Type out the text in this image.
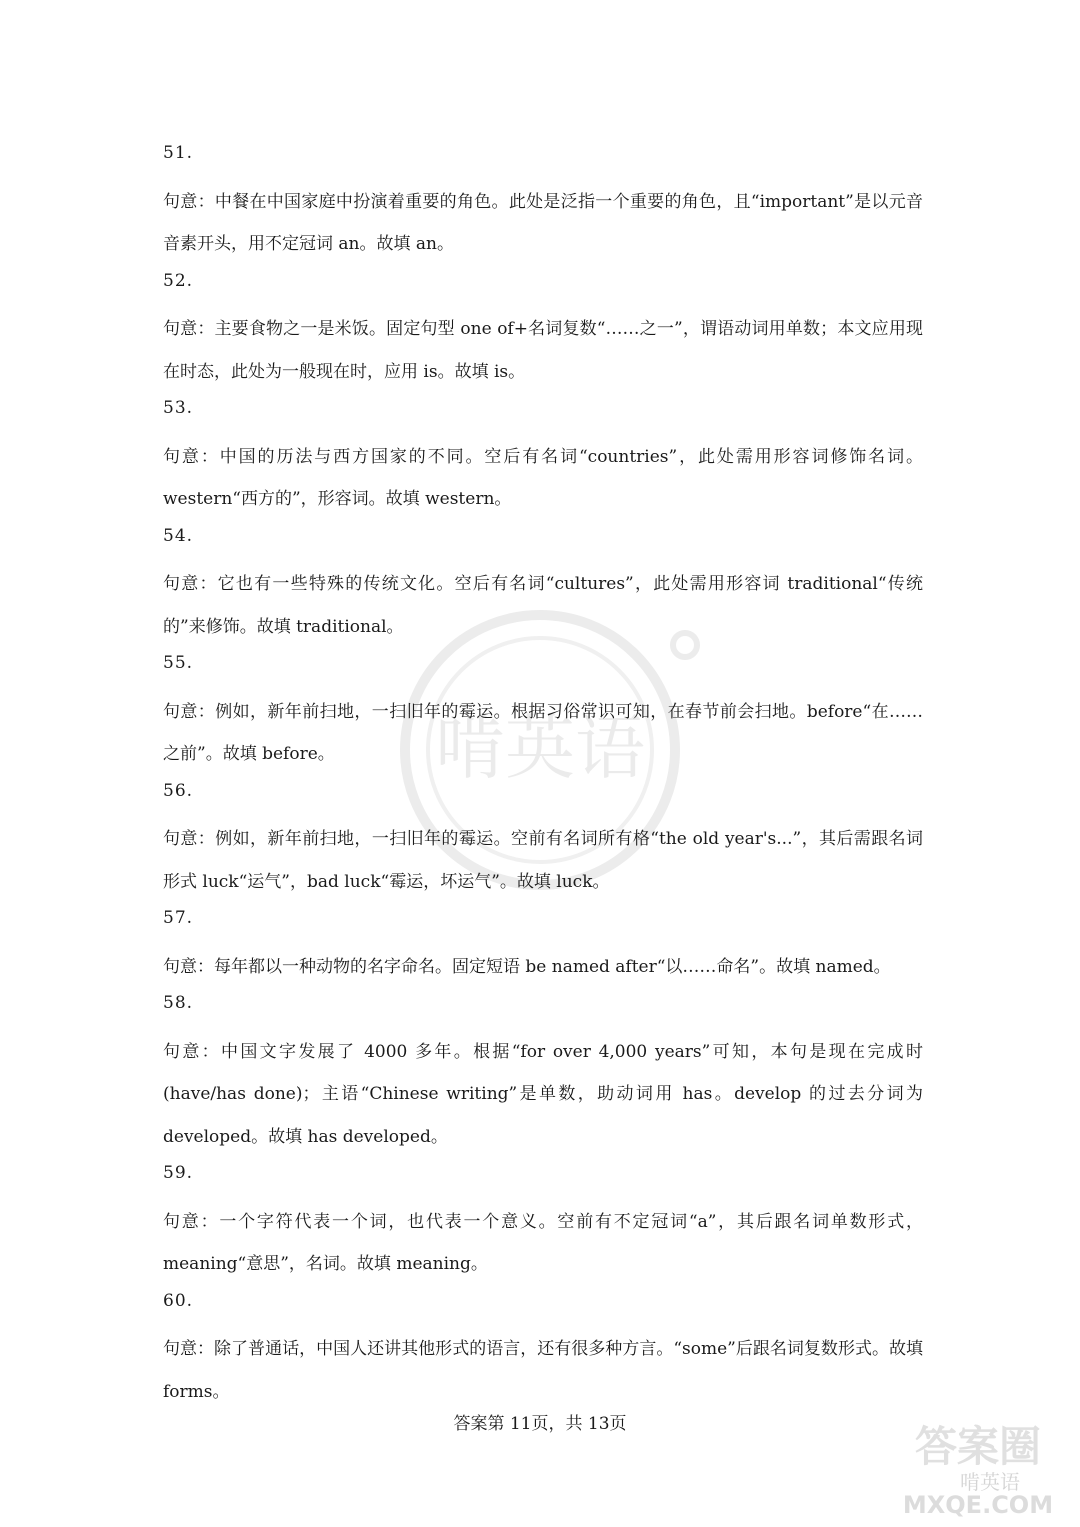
啃英语
51.
句意：中餐在中国家庭中扮演着重要的角色。此处是泛指一个重要的角色，且“important”是以元音音素开头，用不定冠词 an。故填 an。
52.
句意：主要食物之一是米饭。固定句型 one of+名词复数“……之一”，谓语动词用单数；本文应用现在时态，此处为一般现在时，应用 is。故填 is。
53.
句意：中国的历法与西方国家的不同。空后有名词“countries”，此处需用形容词修饰名词。western“西方的”，形容词。故填 western。
54.
句意：它也有一些特殊的传统文化。空后有名词“cultures”，此处需用形容词 traditional“传统的”来修饰。故填 traditional。
55.
句意：例如，新年前扫地，一扫旧年的霉运。根据习俗常识可知，在春节前会扫地。before“在……之前”。故填 before。
56.
句意：例如，新年前扫地，一扫旧年的霉运。空前有名词所有格“the old year's...”，其后需跟名词形式 luck“运气”，bad luck“霉运，坏运气”。故填 luck。
57.
句意：每年都以一种动物的名字命名。固定短语 be named after“以……命名”。故填 named。
58.
句意：中国文字发展了 4000 多年。根据“for over 4,000 years”可知，本句是现在完成时(have/has done)；主语“Chinese writing”是单数，助动词用 has。develop 的过去分词为 developed。故填 has developed。
59.
句意：一个字符代表一个词，也代表一个意义。空前有不定冠词“a”，其后跟名词单数形式，meaning“意思”，名词。故填 meaning。
60.
句意：除了普通话，中国人还讲其他形式的语言，还有很多种方言。“some”后跟名词复数形式。故填 forms。
答案第 11页，共 13页	答案圈
啃英语
MXQE.COM
